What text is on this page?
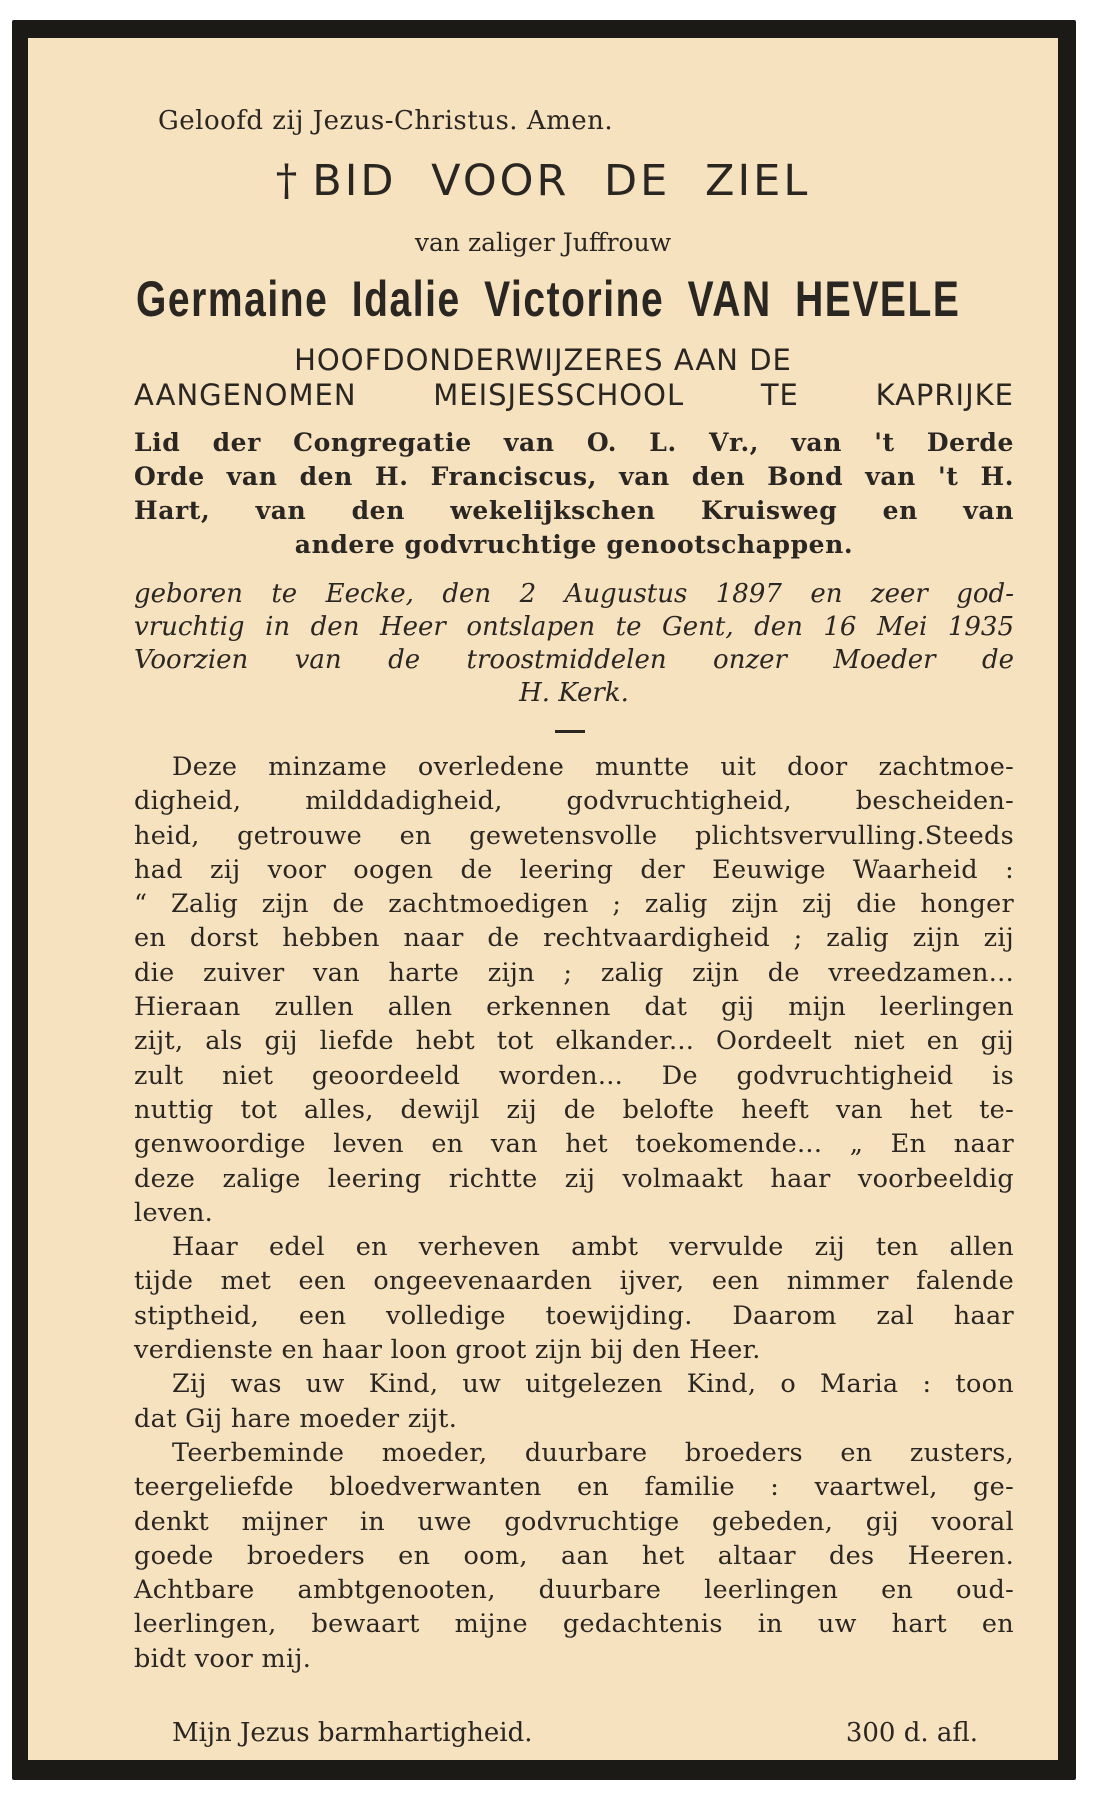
Geloofd zij Jezus-Christus. Amen.
† BID VOOR DE ZIEL
van zaliger Juffrouw
Germaine Idalie Victorine VAN HEVELE
HOOFDONDERWIJZERES AAN DE
AANGENOMEN MEISJESSCHOOL TE KAPRIJKE
Lid der Congregatie van O. L. Vr., van 't Derde
Orde van den H. Franciscus, van den Bond van 't H.
Hart, van den wekelijkschen Kruisweg en van
andere godvruchtige genootschappen.
geboren te Eecke, den 2 Augustus 1897 en zeer god-
vruchtig in den Heer ontslapen te Gent, den 16 Mei 1935
Voorzien van de troostmiddelen onzer Moeder de
H. Kerk.
Deze minzame overledene muntte uit door zachtmoe-
digheid, milddadigheid, godvruchtigheid, bescheiden-
heid, getrouwe en gewetensvolle plichtsvervulling.Steeds
had zij voor oogen de leering der Eeuwige Waarheid :
“ Zalig zijn de zachtmoedigen ; zalig zijn zij die honger
en dorst hebben naar de rechtvaardigheid ; zalig zijn zij
die zuiver van harte zijn ; zalig zijn de vreedzamen...
Hieraan zullen allen erkennen dat gij mijn leerlingen
zijt, als gij liefde hebt tot elkander... Oordeelt niet en gij
zult niet geoordeeld worden... De godvruchtigheid is
nuttig tot alles, dewijl zij de belofte heeft van het te-
genwoordige leven en van het toekomende... „ En naar
deze zalige leering richtte zij volmaakt haar voorbeeldig
leven.
Haar edel en verheven ambt vervulde zij ten allen
tijde met een ongeevenaarden ijver, een nimmer falende
stiptheid, een volledige toewijding. Daarom zal haar
verdienste en haar loon groot zijn bij den Heer.
Zij was uw Kind, uw uitgelezen Kind, o Maria : toon
dat Gij hare moeder zijt.
Teerbeminde moeder, duurbare broeders en zusters,
teergeliefde bloedverwanten en familie : vaartwel, ge-
denkt mijner in uwe godvruchtige gebeden, gij vooral
goede broeders en oom, aan het altaar des Heeren.
Achtbare ambtgenooten, duurbare leerlingen en oud-
leerlingen, bewaart mijne gedachtenis in uw hart en
bidt voor mij.
Mijn Jezus barmhartigheid.	300 d. afl.
